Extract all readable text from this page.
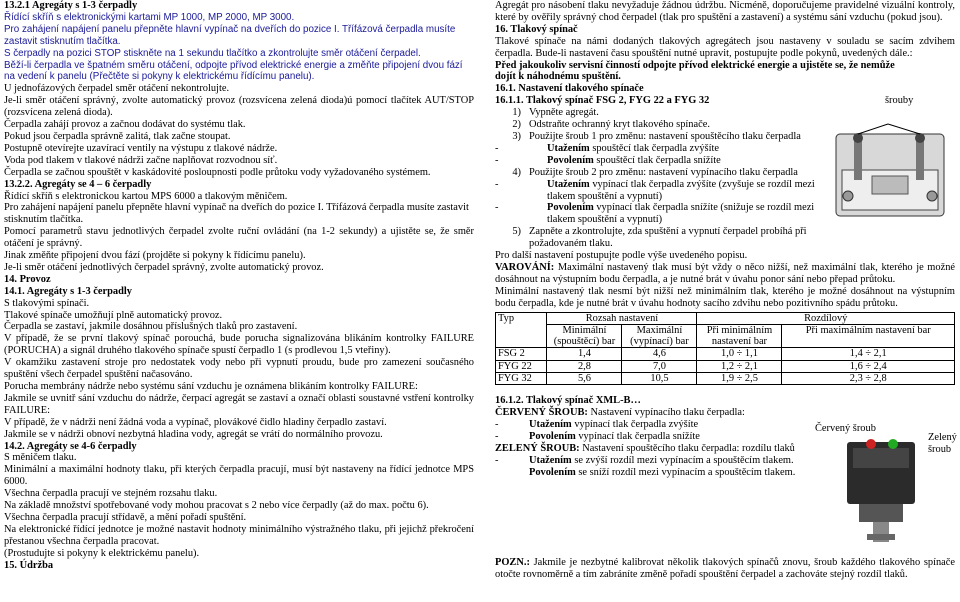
13.2.1 Agregáty s 1-3 čerpadly

Řídící skříň s elektronickými kartami MP 1000, MP 2000, MP 3000.

Pro zahájení napájení panelu přepněte hlavní vypínač na dveřích do pozice I. Třífázová čerpadla musíte zastavit stisknutím tlačítka.

S čerpadly na pozici STOP stiskněte na 1 sekundu tlačítko a zkontrolujte směr otáčení čerpadel.

Běží-li čerpadla ve špatném směru otáčení, odpojte přívod elektrické energie a změňte připojení dvou fází na vedení k panelu (Přečtěte si pokyny k elektrickému řídícímu panelu).

U jednofázových čerpadel směr otáčení nekontrolujte.

Je-li směr otáčení správný, zvolte automatický provoz (rozsvícena zelená dioda)ú pomocí tlačítek AUT/STOP (rozsvícena zelená dioda).

Čerpadla zahájí provoz a začnou dodávat do systému tlak.

Pokud jsou čerpadla správně zalitá, tlak začne stoupat.

Postupně otevírejte uzavírací ventily na výstupu z tlakové nádrže.

Voda pod tlakem v tlakové nádrži začne naplňovat rozvodnou síť.

Čerpadla se začnou spouštět v kaskádovité posloupnosti podle průtoku vody vyžadovaného systémem.

13.2.2. Agregáty se 4 – 6 čerpadly

Řídící skříň s elektronickou kartou MPS 6000 a tlakovým měničem.

Pro zahájení napájení panelu přepněte hlavní vypínač na dveřích do pozice I. Třífázová čerpadla musíte zastavit stisknutím tlačítka.

Pomocí parametrů stavu jednotlivých čerpadel zvolte ruční ovládání (na 1-2 sekundy) a ujistěte se, že směr otáčení je správný.

Jinak změňte připojení dvou fází (projděte si pokyny k řídícímu panelu).

Je-li směr otáčení jednotlivých čerpadel správný, zvolte automatický provoz.

14. Provoz

14.1. Agregáty s 1-3 čerpadly

S tlakovými spínači.

Tlakové spínače umožňují plně automatický provoz.

Čerpadla se zastaví, jakmile dosáhnou příslušných tlaků pro zastavení.

V případě, že se první tlakový spínač porouchá, bude porucha signalizována blikáním kontrolky FAILURE (PORUCHA) a signál druhého tlakového spínače spustí čerpadlo 1 (s prodlevou 1,5 vteřiny).

V okamžiku zastavení stroje pro nedostatek vody nebo při vypnutí proudu, bude pro zamezení současného spuštění všech čerpadel spuštění načasováno.

Porucha membrány nádrže nebo systému sání vzduchu je oznámena blikáním kontrolky FAILURE:

Jakmile se uvnitř sání vzduchu do nádrže, čerpací agregát se zastaví a označí oblasti soustavné vstření kontrolky FAILURE:

V případě, že v nádrži není žádná voda a vypínač, plovákové čidlo hladiny čerpadlo zastaví.

Jakmile se v nádrži obnoví nezbytná hladina vody, agregát se vrátí do normálního provozu.

14.2. Agregáty se 4-6 čerpadly

S měničem tlaku.

Minimální a maximální hodnoty tlaku, při kterých čerpadla pracují, musí být nastaveny na řídící jednotce MPS 6000.

Všechna čerpadla pracují ve stejném rozsahu tlaku.

Na základě množství spotřebované vody mohou pracovat s 2 nebo více čerpadly (až do max. počtu 6).

Všechna čerpadla pracují střídavě, a mění pořadí spuštění.

Na elektronické řídící jednotce je možné nastavit hodnoty minimálního výstražného tlaku, při jejichž překročení přestanou všechna čerpadla pracovat.

(Prostudujte si pokyny k elektrickému panelu).

15. Údržba

Agregát pro násobení tlaku nevyžaduje žádnou údržbu. Nicméně, doporučujeme pravidelné vizuální kontroly, které by ověřily správný chod čerpadel (tlak pro spuštění a zastavení) a systému sání vzduchu (pokud jsou).

16. Tlakový spínač

Tlakové spínače na námi dodaných tlakových agregátech jsou nastaveny v souladu se sacím zdvihem čerpadla. Bude-li nastavení času spouštění nutné upravit, postupujte podle pokynů, uvedených dále.:

Před jakoukoliv servisní činností odpojte přívod elektrické energie a ujistěte se, že nemůže dojít k náhodnému spuštění.

16.1. Nastavení tlakového spínače

16.1.1. Tlakový spínač FSG 2, FYG 22 a FYG 32

1) Vypněte agregát.
2) Odstraňte ochranný kryt tlakového spínače.
3) Použijte šroub 1 pro změnu: nastavení spouštěcího tlaku čerpadla
-	Utažením spouštěcí tlak čerpadla zvýšíte
-	Povolením spouštěcí tlak čerpadla snížíte
4) Použijte šroub 2 pro změnu: nastavení vypínacího tlaku čerpadla
-	Utažením vypínací tlak čerpadla zvýšíte (zvyšuje se rozdíl mezi tlakem spouštění a vypnutí)
-	Povolením vypínací tlak čerpadla snížíte (snižuje se rozdíl mezi tlakem spouštění a vypnutí)
5) Zapněte a zkontrolujte, zda spuštění a vypnutí čerpadel probíhá při požadovaném tlaku.

Pro další nastavení postupujte podle výše uvedeného popisu.

VAROVÁNÍ: Maximální nastavený tlak musí být vždy o něco nižší, než maximální tlak, kterého je možné dosáhnout na výstupním bodu čerpadla, a je nutné brát v úvahu ponor sání nebo přepad průtoku.

Minimální nastavený tlak nesmí být nižší než minimálním tlak, kterého je možné dosáhnout na výstupním bodu čerpadla, kde je nutné brát v úvahu hodnoty sacího zdvihu nebo pozitivního spádu průtoku.

Typ	Rozsah nastavení		Rozdílový	
	Minimální (spouštěcí) bar	Maximální (vypínací) bar	Při minimálním nastavení bar	Při maximálním nastavení bar
FSG 2	1,4	4,6	1,0 ÷ 1,1	1,4 ÷ 2,1
FYG 22	2,8	7,0	1,2 ÷ 2,1	1,6 ÷ 2,4
FYG 32	5,6	10,5	1,9 ÷ 2,5	2,3 ÷ 2,8

16.1.2. Tlakový spínač XML-B…

ČERVENÝ ŠROUB: Nastavení vypínacího tlaku čerpadla:

-	Utažením vypínací tlak čerpadla zvýšíte
-	Povolením vypínací tlak čerpadla snížíte

ZELENÝ ŠROUB: Nastavení spouštěcího tlaku čerpadla: rozdílu tlaků

-	Utažením se zvýší rozdíl mezi vypínacím a spouštěcím tlakem.
Povolením se sníží rozdíl mezi vypínacím a spouštěcím tlakem.

POZN.: Jakmile je nezbytné kalibrovat několik tlakových spínačů znovu, šroub každého tlakového spínače otočte rovnoměrně a tím zabráníte změně pořadí spouštění čerpadel a zachováte stejný rozdíl tlaků.

šrouby
Červený šroub
Zelený šroub
